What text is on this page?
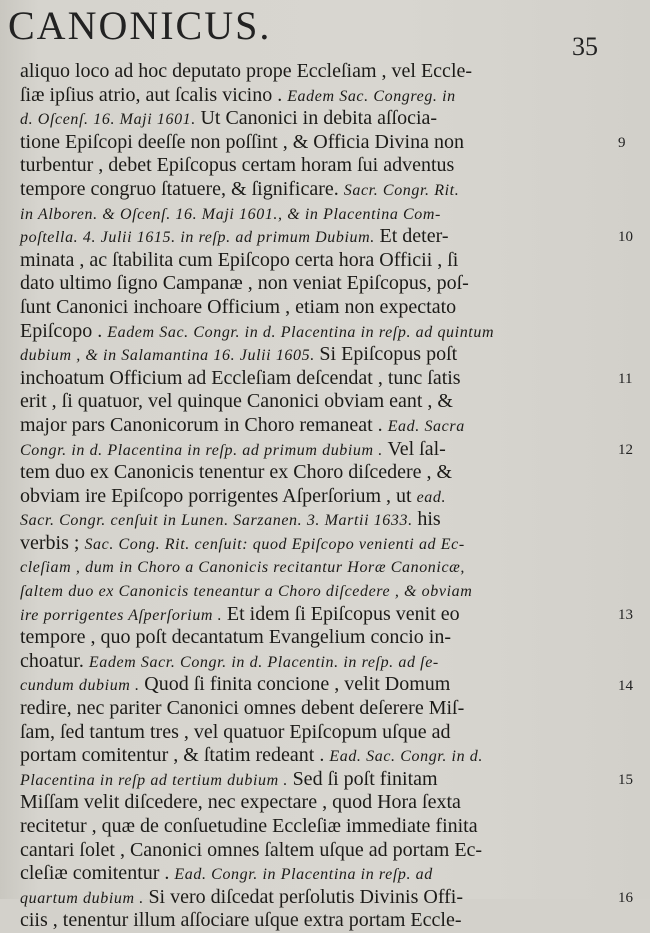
CANONICUS.	35
aliquo loco ad hoc deputato prope Eccleſiam , vel Eccle-
ſiæ ipſius atrio, aut ſcalis vicino . Eadem Sac. Congreg. in
d. Oſcenſ. 16. Maji 1601. Ut Canonici in debita aſſocia-
tione Epiſcopi deeſſe non poſſint , & Officia Divina non
turbentur , debet Epiſcopus certam horam ſui adventus
tempore congruo ſtatuere, & ſignificare. Sacr. Congr. Rit.
in Alboren. & Oſcenſ. 16. Maji 1601., & in Placentina Com-
poſtella. 4. Julii 1615. in reſp. ad primum Dubium. Et deter-
minata , ac ſtabilita cum Epiſcopo certa hora Officii , ſi
dato ultimo ſigno Campanæ , non veniat Epiſcopus, poſ-
ſunt Canonici inchoare Officium , etiam non expectato
Epiſcopo . Eadem Sac. Congr. in d. Placentina in reſp. ad quintum
dubium , & in Salamantina 16. Julii 1605. Si Epiſcopus poſt
inchoatum Officium ad Eccleſiam deſcendat , tunc ſatis
erit , ſi quatuor, vel quinque Canonici obviam eant , &
major pars Canonicorum in Choro remaneat . Ead. Sacra
Congr. in d. Placentina in reſp. ad primum dubium . Vel ſal-
tem duo ex Canonicis tenentur ex Choro diſcedere , &
obviam ire Epiſcopo porrigentes Aſperſorium , ut ead.
Sacr. Congr. cenſuit in Lunen. Sarzanen. 3. Martii 1633. his
verbis ; Sac. Cong. Rit. cenſuit: quod Epiſcopo venienti ad Ec-
cleſiam , dum in Choro a Canonicis recitantur Horæ Canonicæ,
ſaltem duo ex Canonicis teneantur a Choro diſcedere , & obviam
ire porrigentes Aſperſorium . Et idem ſi Epiſcopus venit eo
tempore , quo poſt decantatum Evangelium concio in-
choatur. Eadem Sacr. Congr. in d. Placentin. in reſp. ad ſe-
cundum dubium . Quod ſi finita concione , velit Domum
redire, nec pariter Canonici omnes debent deſerere Miſ-
ſam, ſed tantum tres , vel quatuor Epiſcopum uſque ad
portam comitentur , & ſtatim redeant . Ead. Sac. Congr. in d.
Placentina in reſp ad tertium dubium . Sed ſi poſt finitam
Miſſam velit diſcedere, nec expectare , quod Hora ſexta
recitetur , quæ de conſuetudine Eccleſiæ immediate finita
cantari ſolet , Canonici omnes ſaltem uſque ad portam Ec-
cleſiæ comitentur . Ead. Congr. in Placentina in reſp. ad
quartum dubium . Si vero diſcedat perſolutis Divinis Offi-
ciis , tenentur illum aſſociare uſque extra portam Eccle-
9
10
11
12
13
14
15
16
